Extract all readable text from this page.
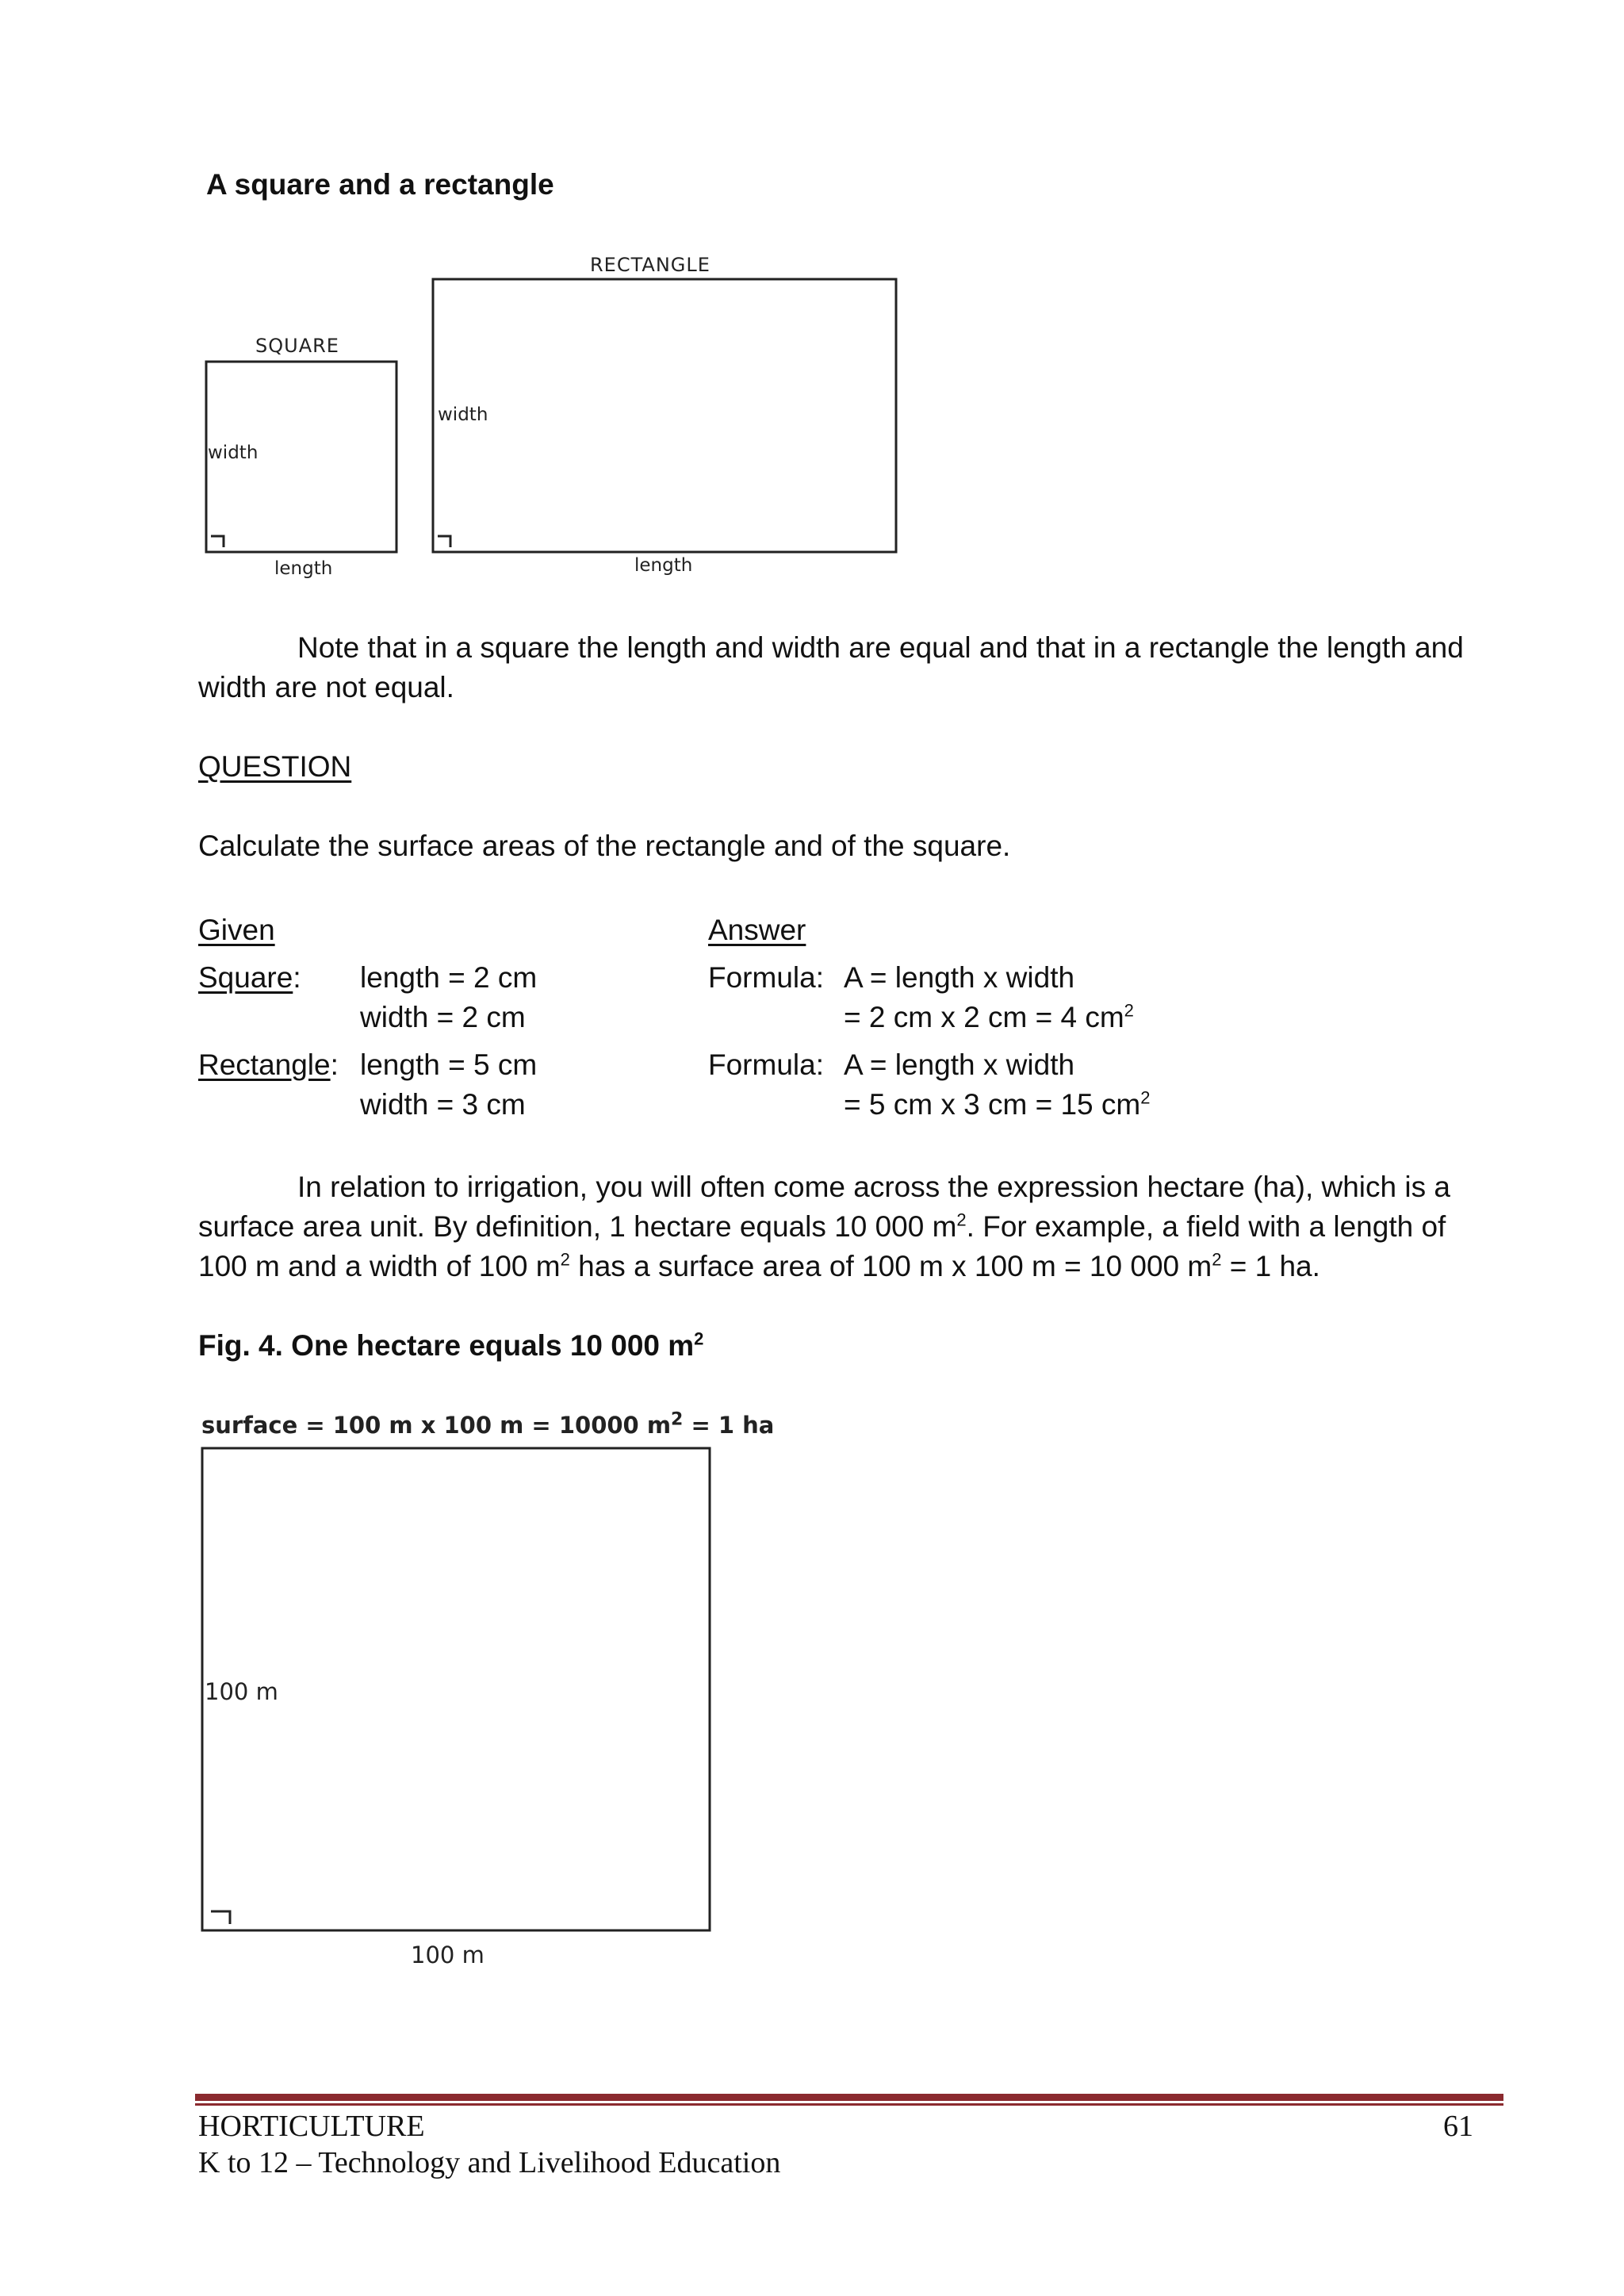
A square and a rectangle
SQUARE
width
length
RECTANGLE
width
length
Note that in a square the length and width are equal and that in a rectangle the length and width are not equal.
QUESTION
Calculate the surface areas of the rectangle and of the square.
Given	Answer
Square: length = 2 cm
width = 2 cm
Formula: A = length x width
= 2 cm x 2 cm = 4 $cm^2$
Rectangle: length = 5 cm
width = 3 cm
Formula: A = length x width
= 5 cm x 3 cm = 15 $cm^2$
In relation to irrigation, you will often come across the expression hectare (ha), which is a surface area unit. By definition, 1 hectare equals 10 000 $m^2$. For example, a field with a length of 100 m and a width of 100 $m^2$ has a surface area of 100 m x 100 m = 10 000 $m^2 = 1$ ha.
Fig. 4. One hectare equals 10 000 $m^2$
surface = 100 m x 100 m = 10000 $m^2 = 1$ ha
100 m
100 m
HORTICULTURE
K to 12 – Technology and Livelihood Education
61
